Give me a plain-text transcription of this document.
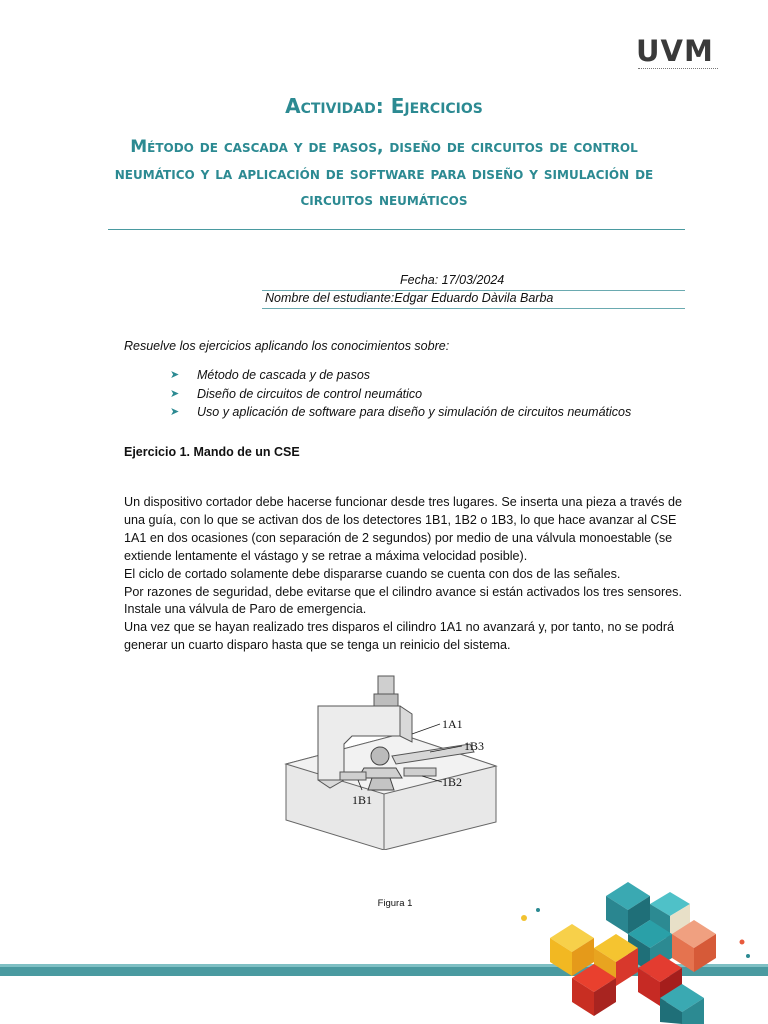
UVM
Actividad: Ejercicios
Método de cascada y de pasos, diseño de circuitos de control neumático y la aplicación de software para diseño y simulación de circuitos neumáticos
Fecha: 17/03/2024
Nombre del estudiante:Edgar Eduardo Dàvila Barba
Resuelve los ejercicios aplicando los conocimientos sobre:
➤ Método de cascada y de pasos
➤ Diseño de circuitos de control neumático
➤ Uso y aplicación de software para diseño y simulación de circuitos neumáticos
Ejercicio 1. Mando de un CSE

Un dispositivo cortador debe hacerse funcionar desde tres lugares. Se inserta una pieza a través de una guía, con lo que se activan dos de los detectores 1B1, 1B2 o 1B3, lo que hace avanzar al CSE 1A1 en dos ocasiones (con separación de 2 segundos) por medio de una válvula monoestable (se extiende lentamente el vástago y se retrae a máxima velocidad posible).

El ciclo de cortado solamente debe dispararse cuando se cuenta con dos de las señales.

Por razones de seguridad, debe evitarse que el cilindro avance si están activados los tres sensores.

Instale una válvula de Paro de emergencia.

Una vez que se hayan realizado tres disparos el cilindro 1A1 no avanzará y, por tanto, no se podrá generar un cuarto disparo hasta que se tenga un reinicio del sistema.

1A1
1B3
1B2
1B1
Figura 1
